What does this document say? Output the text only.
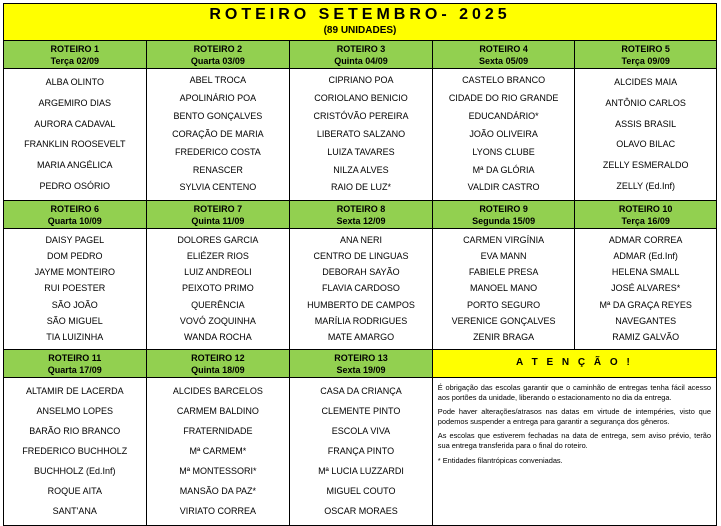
ROTEIRO SETEMBRO- 2025
(89 UNIDADES)
ROTEIRO 1
Terça 02/09
ROTEIRO 2
Quarta 03/09
ROTEIRO 3
Quinta 04/09
ROTEIRO 4
Sexta 05/09
ROTEIRO 5
Terça 09/09
ALBA OLINTO
ARGEMIRO DIAS
AURORA CADAVAL
FRANKLIN ROOSEVELT
MARIA ANGÉLICA
PEDRO OSÓRIO
ABEL TROCA
APOLINÁRIO POA
BENTO GONÇALVES
CORAÇÃO DE MARIA
FREDERICO COSTA
RENASCER
SYLVIA CENTENO
CIPRIANO POA
CORIOLANO BENICIO
CRISTÓVÃO PEREIRA
LIBERATO SALZANO
LUIZA TAVARES
NILZA ALVES
RAIO DE LUZ*
CASTELO BRANCO
CIDADE DO RIO GRANDE
EDUCANDÁRIO*
JOÃO OLIVEIRA
LYONS CLUBE
Mª DA GLÓRIA
VALDIR CASTRO
ALCIDES MAIA
ANTÔNIO CARLOS
ASSIS BRASIL
OLAVO BILAC
ZELLY ESMERALDO
ZELLY (Ed.Inf)
ROTEIRO 6
Quarta 10/09
ROTEIRO 7
Quinta 11/09
ROTEIRO 8
Sexta 12/09
ROTEIRO 9
Segunda 15/09
ROTEIRO 10
Terça 16/09
DAISY PAGEL
DOM PEDRO
JAYME MONTEIRO
RUI POESTER
SÃO JOÃO
SÃO MIGUEL
TIA LUIZINHA
DOLORES GARCIA
ELIÉZER RIOS
LUIZ ANDREOLI
PEIXOTO PRIMO
QUERÊNCIA
VOVÓ ZOQUINHA
WANDA ROCHA
ANA NERI
CENTRO DE LINGUAS
DEBORAH SAYÃO
FLAVIA CARDOSO
HUMBERTO DE CAMPOS
MARÍLIA RODRIGUES
MATE AMARGO
CARMEN VIRGÍNIA
EVA MANN
FABIELE PRESA
MANOEL MANO
PORTO SEGURO
VERENICE GONÇALVES
ZENIR BRAGA
ADMAR CORREA
ADMAR (Ed.Inf)
HELENA SMALL
JOSÉ ALVARES*
Mª DA GRAÇA REYES
NAVEGANTES
RAMIZ GALVÃO
ROTEIRO 11
Quarta 17/09
ROTEIRO 12
Quinta 18/09
ROTEIRO 13
Sexta 19/09
A T E N Ç Ã O !
ALTAMIR DE LACERDA
ANSELMO LOPES
BARÃO RIO BRANCO
FREDERICO BUCHHOLZ
BUCHHOLZ (Ed.Inf)
ROQUE AITA
SANT'ANA
ALCIDES BARCELOS
CARMEM BALDINO
FRATERNIDADE
Mª CARMEM*
Mª MONTESSORI*
MANSÃO DA PAZ*
VIRIATO CORREA
CASA DA CRIANÇA
CLEMENTE PINTO
ESCOLA VIVA
FRANÇA PINTO
Mª LUCIA LUZZARDI
MIGUEL COUTO
OSCAR MORAES

É obrigação das escolas garantir que o caminhão de entregas tenha fácil acesso aos portões da unidade, liberando o estacionamento no dia da entrega.

Pode haver alterações/atrasos nas datas em virtude de intempéries, visto que podemos suspender a entrega para garantir a segurança dos gêneros.

As escolas que estiverem fechadas na data de entrega, sem aviso prévio, terão sua entrega transferida para o final do roteiro.

* Entidades filantrópicas conveniadas.
